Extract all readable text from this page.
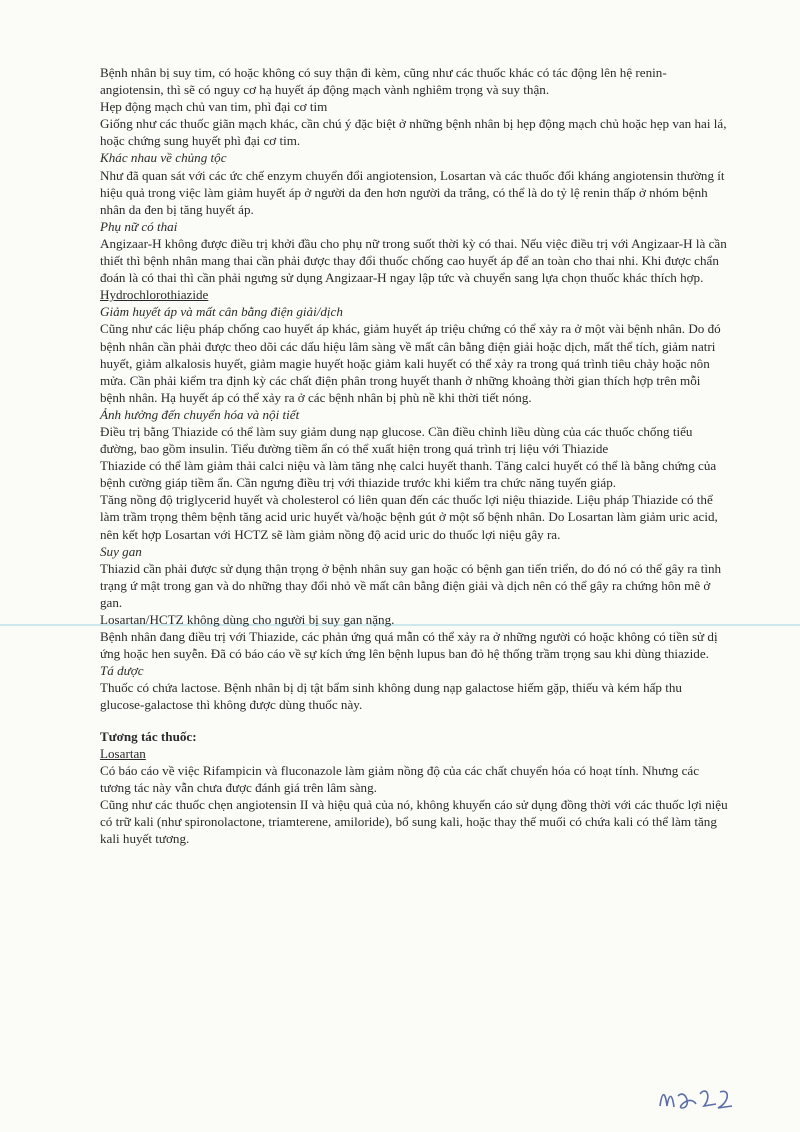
Bệnh nhân bị suy tim, có hoặc không có suy thận đi kèm, cũng như các thuốc khác có tác động lên hệ renin-angiotensin, thì sẽ có nguy cơ hạ huyết áp động mạch vành nghiêm trọng và suy thận.

Hẹp động mạch chủ van tim, phì đại cơ tim

Giống như các thuốc giãn mạch khác, cần chú ý đặc biệt ở những bệnh nhân bị hẹp động mạch chủ hoặc hẹp van hai lá, hoặc chứng sung huyết phì đại cơ tim.

Khác nhau về chủng tộc

Như đã quan sát với các ức chế enzym chuyển đổi angiotension, Losartan và các thuốc đối kháng angiotensin thường ít hiệu quả trong việc làm giảm huyết áp ở người da đen hơn người da trắng, có thể là do tỷ lệ renin thấp ở nhóm bệnh nhân da đen bị tăng huyết áp.

Phụ nữ có thai

Angizaar-H không được điều trị khởi đầu cho phụ nữ trong suốt thời kỳ có thai. Nếu việc điều trị với Angizaar-H là cần thiết thì bệnh nhân mang thai cần phải được thay đổi thuốc chống cao huyết áp để an toàn cho thai nhi. Khi được chẩn đoán là có thai thì cần phải ngưng sử dụng Angizaar-H ngay lập tức và chuyển sang lựa chọn thuốc khác thích hợp.

Hydrochlorothiazide

Giảm huyết áp và mất cân bằng điện giải/dịch

Cũng như các liệu pháp chống cao huyết áp khác, giảm huyết áp triệu chứng có thể xảy ra ở một vài bệnh nhân. Do đó bệnh nhân cần phải được theo dõi các dấu hiệu lâm sàng về mất cân bằng điện giải hoặc dịch, mất thể tích, giảm natri huyết, giảm alkalosis huyết, giảm magie huyết hoặc giảm kali huyết có thể xảy ra trong quá trình tiêu chảy hoặc nôn mửa. Cần phải kiểm tra định kỳ các chất điện phân trong huyết thanh ở những khoảng thời gian thích hợp trên mỗi bệnh nhân. Hạ huyết áp có thể xảy ra ở các bệnh nhân bị phù nề khi thời tiết nóng.

Ảnh hưởng đến chuyển hóa và nội tiết

Điều trị bằng Thiazide có thể làm suy giảm dung nạp glucose. Cần điều chỉnh liều dùng của các thuốc chống tiểu đường, bao gồm insulin. Tiểu đường tiềm ẩn có thể xuất hiện trong quá trình trị liệu với Thiazide

Thiazide có thể làm giảm thải calci niệu và làm tăng nhẹ calci huyết thanh. Tăng calci huyết có thể là bằng chứng của bệnh cường giáp tiềm ẩn. Cần ngưng điều trị với thiazide trước khi kiểm tra chức năng tuyến giáp.

Tăng nồng độ triglycerid huyết và cholesterol có liên quan đến các thuốc lợi niệu thiazide. Liệu pháp Thiazide có thể làm trầm trọng thêm bệnh tăng acid uric huyết và/hoặc bệnh gút ở một số bệnh nhân. Do Losartan làm giảm uric acid, nên kết hợp Losartan với HCTZ sẽ làm giảm nồng độ acid uric do thuốc lợi niệu gây ra.

Suy gan

Thiazid cần phải được sử dụng thận trọng ở bệnh nhân suy gan hoặc có bệnh gan tiến triển, do đó nó có thể gây ra tình trạng ứ mật trong gan và do những thay đổi nhỏ về mất cân bằng điện giải và dịch nên có thể gây ra chứng hôn mê ở gan.

Losartan/HCTZ không dùng cho người bị suy gan nặng.

Bệnh nhân đang điều trị với Thiazide, các phản ứng quá mẫn có thể xảy ra ở những người có hoặc không có tiền sử dị ứng hoặc hen suyễn. Đã có báo cáo về sự kích ứng lên bệnh lupus ban đỏ hệ thống trầm trọng sau khi dùng thiazide.

Tá dược

Thuốc có chứa lactose. Bệnh nhân bị dị tật bẩm sinh không dung nạp galactose hiếm gặp, thiếu và kém hấp thu glucose-galactose thì không được dùng thuốc này.

Tương tác thuốc:

Losartan

Có báo cáo về việc Rifampicin và fluconazole làm giảm nồng độ của các chất chuyển hóa có hoạt tính. Nhưng các tương tác này vẫn chưa được đánh giá trên lâm sàng.

Cũng như các thuốc chẹn angiotensin II và hiệu quả của nó, không khuyến cáo sử dụng đồng thời với các thuốc lợi niệu có trữ kali (như spironolactone, triamterene, amiloride), bổ sung kali, hoặc thay thế muối có chứa kali có thể làm tăng kali huyết tương.
